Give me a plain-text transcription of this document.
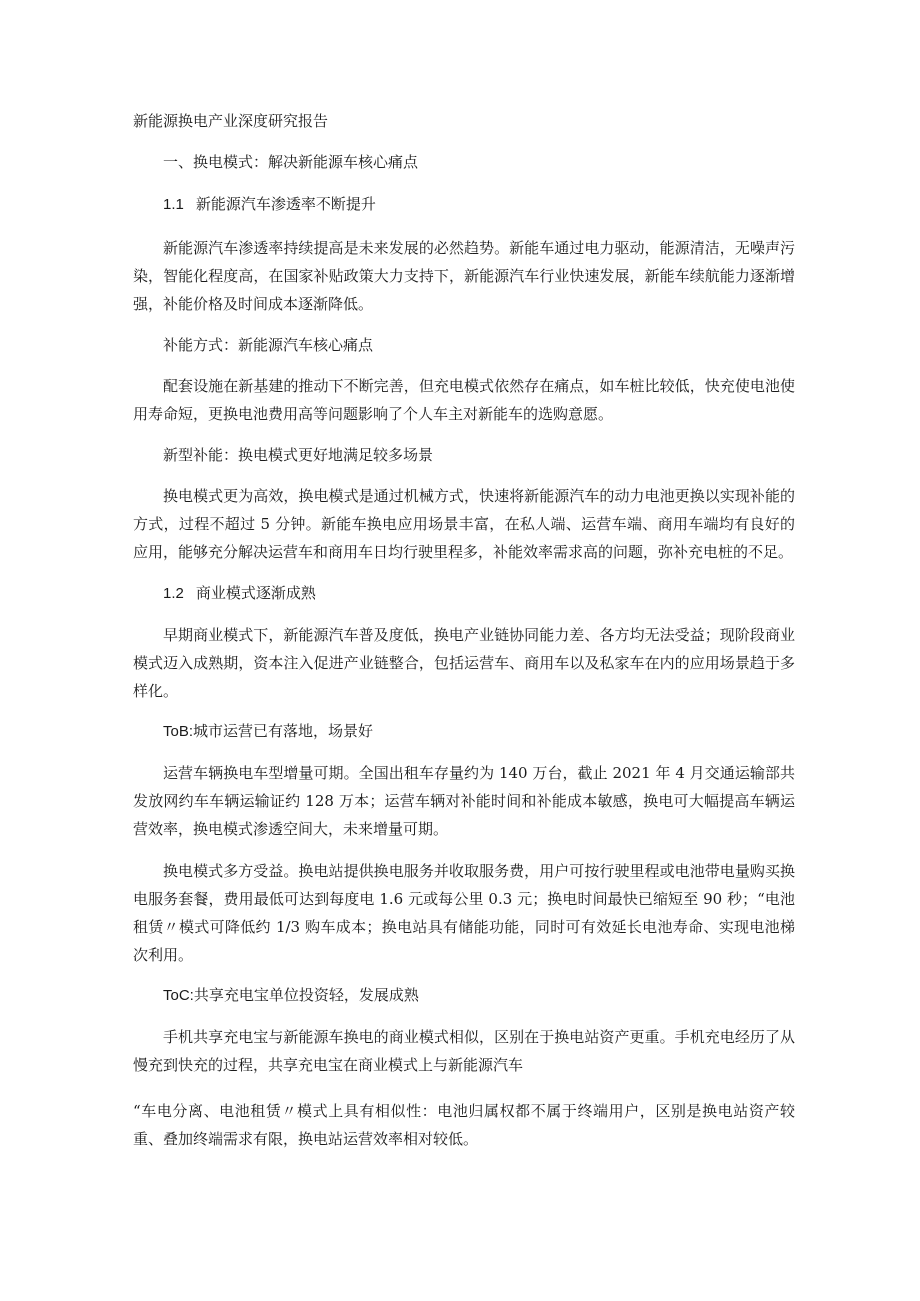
新能源换电产业深度研究报告
一、换电模式：解决新能源车核心痛点
1.1 新能源汽车渗透率不断提升
新能源汽车渗透率持续提高是未来发展的必然趋势。新能车通过电力驱动，能源清洁，无噪声污染，智能化程度高，在国家补贴政策大力支持下，新能源汽车行业快速发展，新能车续航能力逐渐增强，补能价格及时间成本逐渐降低。
补能方式：新能源汽车核心痛点
配套设施在新基建的推动下不断完善，但充电模式依然存在痛点，如车桩比较低，快充使电池使用寿命短，更换电池费用高等问题影响了个人车主对新能车的选购意愿。
新型补能：换电模式更好地满足较多场景
换电模式更为高效，换电模式是通过机械方式，快速将新能源汽车的动力电池更换以实现补能的方式，过程不超过 5 分钟。新能车换电应用场景丰富，在私人端、运营车端、商用车端均有良好的应用，能够充分解决运营车和商用车日均行驶里程多，补能效率需求高的问题，弥补充电桩的不足。
1.2 商业模式逐渐成熟
早期商业模式下，新能源汽车普及度低，换电产业链协同能力差、各方均无法受益；现阶段商业模式迈入成熟期，资本注入促进产业链整合，包括运营车、商用车以及私家车在内的应用场景趋于多样化。
ToB:城市运营已有落地，场景好
运营车辆换电车型增量可期。全国出租车存量约为 140 万台，截止 2021 年 4 月交通运输部共发放网约车车辆运输证约 128 万本；运营车辆对补能时间和补能成本敏感，换电可大幅提高车辆运营效率，换电模式渗透空间大，未来增量可期。
换电模式多方受益。换电站提供换电服务并收取服务费，用户可按行驶里程或电池带电量购买换电服务套餐，费用最低可达到每度电 1.6 元或每公里 0.3 元；换电时间最快已缩短至 90 秒；“电池租赁〃模式可降低约 1/3 购车成本；换电站具有储能功能，同时可有效延长电池寿命、实现电池梯次利用。
ToC:共享充电宝单位投资轻，发展成熟
手机共享充电宝与新能源车换电的商业模式相似，区别在于换电站资产更重。手机充电经历了从慢充到快充的过程，共享充电宝在商业模式上与新能源汽车
“车电分离、电池租赁〃模式上具有相似性：电池归属权都不属于终端用户，区别是换电站资产较重、叠加终端需求有限，换电站运营效率相对较低。
